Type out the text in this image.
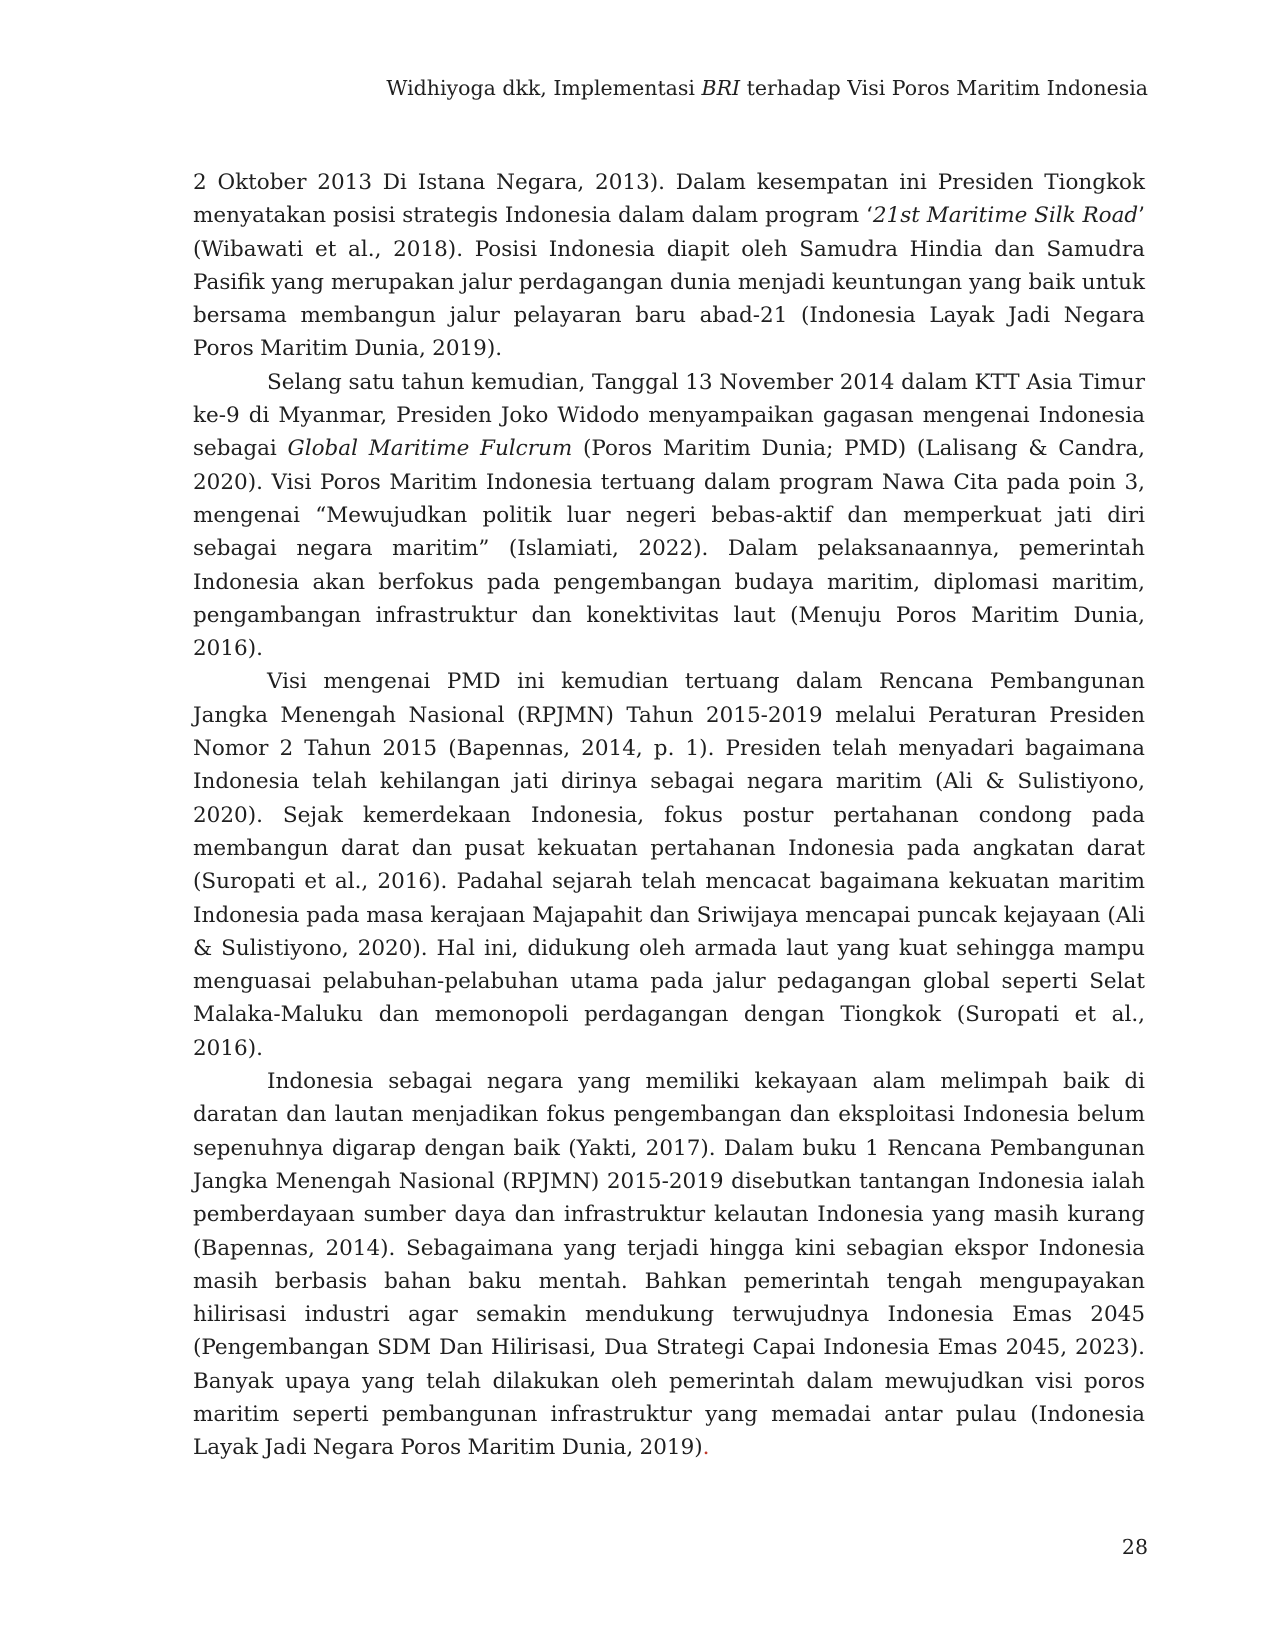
Widhiyoga dkk, Implementasi BRI terhadap Visi Poros Maritim Indonesia

2 Oktober 2013 Di Istana Negara, 2013). Dalam kesempatan ini Presiden Tiongkok menyatakan posisi strategis Indonesia dalam dalam program ‘21st Maritime Silk Road’ (Wibawati et al., 2018). Posisi Indonesia diapit oleh Samudra Hindia dan Samudra Pasifik yang merupakan jalur perdagangan dunia menjadi keuntungan yang baik untuk bersama membangun jalur pelayaran baru abad-21 (Indonesia Layak Jadi Negara Poros Maritim Dunia, 2019).

Selang satu tahun kemudian, Tanggal 13 November 2014 dalam KTT Asia Timur ke-9 di Myanmar, Presiden Joko Widodo menyampaikan gagasan mengenai Indonesia sebagai Global Maritime Fulcrum (Poros Maritim Dunia; PMD) (Lalisang & Candra, 2020). Visi Poros Maritim Indonesia tertuang dalam program Nawa Cita pada poin 3, mengenai “Mewujudkan politik luar negeri bebas-aktif dan memperkuat jati diri sebagai negara maritim” (Islamiati, 2022). Dalam pelaksanaannya, pemerintah Indonesia akan berfokus pada pengembangan budaya maritim, diplomasi maritim, pengambangan infrastruktur dan konektivitas laut (Menuju Poros Maritim Dunia, 2016).

Visi mengenai PMD ini kemudian tertuang dalam Rencana Pembangunan Jangka Menengah Nasional (RPJMN) Tahun 2015-2019 melalui Peraturan Presiden Nomor 2 Tahun 2015 (Bapennas, 2014, p. 1). Presiden telah menyadari bagaimana Indonesia telah kehilangan jati dirinya sebagai negara maritim (Ali & Sulistiyono, 2020). Sejak kemerdekaan Indonesia, fokus postur pertahanan condong pada membangun darat dan pusat kekuatan pertahanan Indonesia pada angkatan darat (Suropati et al., 2016). Padahal sejarah telah mencacat bagaimana kekuatan maritim Indonesia pada masa kerajaan Majapahit dan Sriwijaya mencapai puncak kejayaan (Ali & Sulistiyono, 2020). Hal ini, didukung oleh armada laut yang kuat sehingga mampu menguasai pelabuhan-pelabuhan utama pada jalur pedagangan global seperti Selat Malaka-Maluku dan memonopoli perdagangan dengan Tiongkok (Suropati et al., 2016).

Indonesia sebagai negara yang memiliki kekayaan alam melimpah baik di daratan dan lautan menjadikan fokus pengembangan dan eksploitasi Indonesia belum sepenuhnya digarap dengan baik (Yakti, 2017). Dalam buku 1 Rencana Pembangunan Jangka Menengah Nasional (RPJMN) 2015-2019 disebutkan tantangan Indonesia ialah pemberdayaan sumber daya dan infrastruktur kelautan Indonesia yang masih kurang (Bapennas, 2014). Sebagaimana yang terjadi hingga kini sebagian ekspor Indonesia masih berbasis bahan baku mentah. Bahkan pemerintah tengah mengupayakan hilirisasi industri agar semakin mendukung terwujudnya Indonesia Emas 2045 (Pengembangan SDM Dan Hilirisasi, Dua Strategi Capai Indonesia Emas 2045, 2023). Banyak upaya yang telah dilakukan oleh pemerintah dalam mewujudkan visi poros maritim seperti pembangunan infrastruktur yang memadai antar pulau (Indonesia Layak Jadi Negara Poros Maritim Dunia, 2019).

28
